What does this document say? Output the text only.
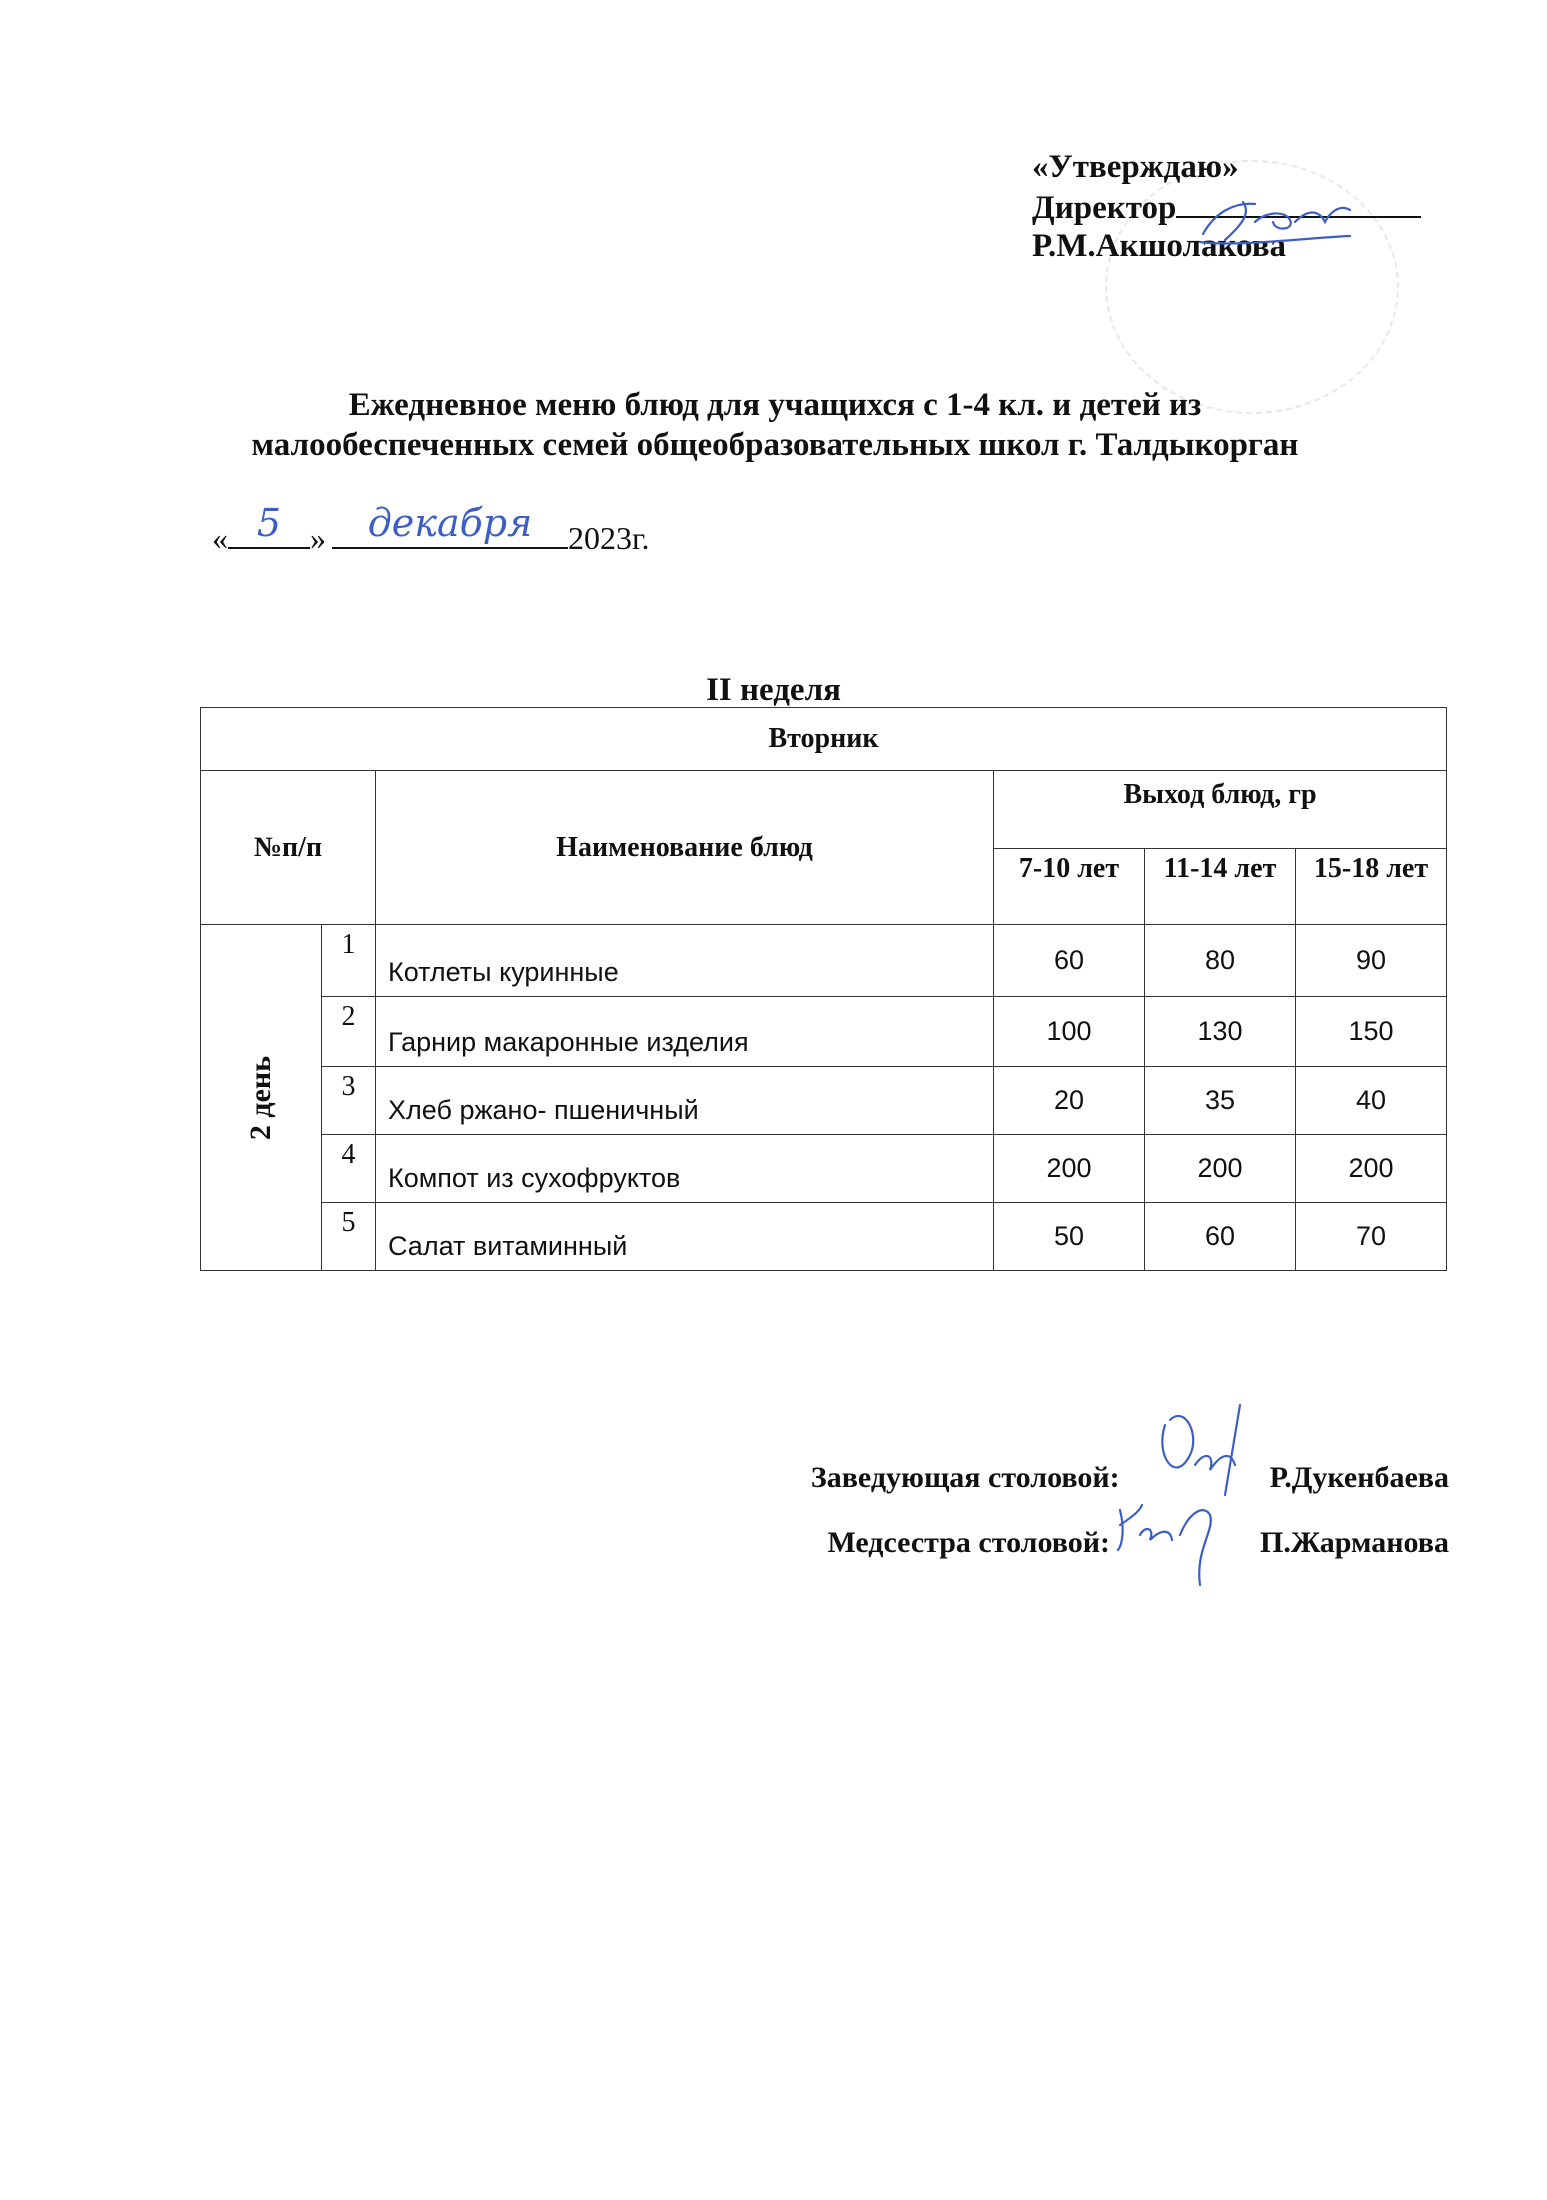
«Утверждаю»
Директор
Р.М.Акшолакова
Ежедневное меню блюд для учащихся с 1-4 кл. и детей из
малообеспеченных семей общеобразовательных школ г. Талдыкорган
« 5 »	декабря	2023г.
II неделя
Вторник					
№п/п		Наименование блюд	Выход блюд, гр		
			7-10 лет	11-14 лет	15-18 лет
2 день	1	Котлеты куринные	60	80	90
	2	Гарнир макаронные изделия	100	130	150
	3	Хлеб ржано- пшеничный	20	35	40
	4	Компот из сухофруктов	200	200	200
	5	Салат витаминный	50	60	70
Заведующая столовой:	Р.Дукенбаева
Медсестра столовой:	П.Жарманова
